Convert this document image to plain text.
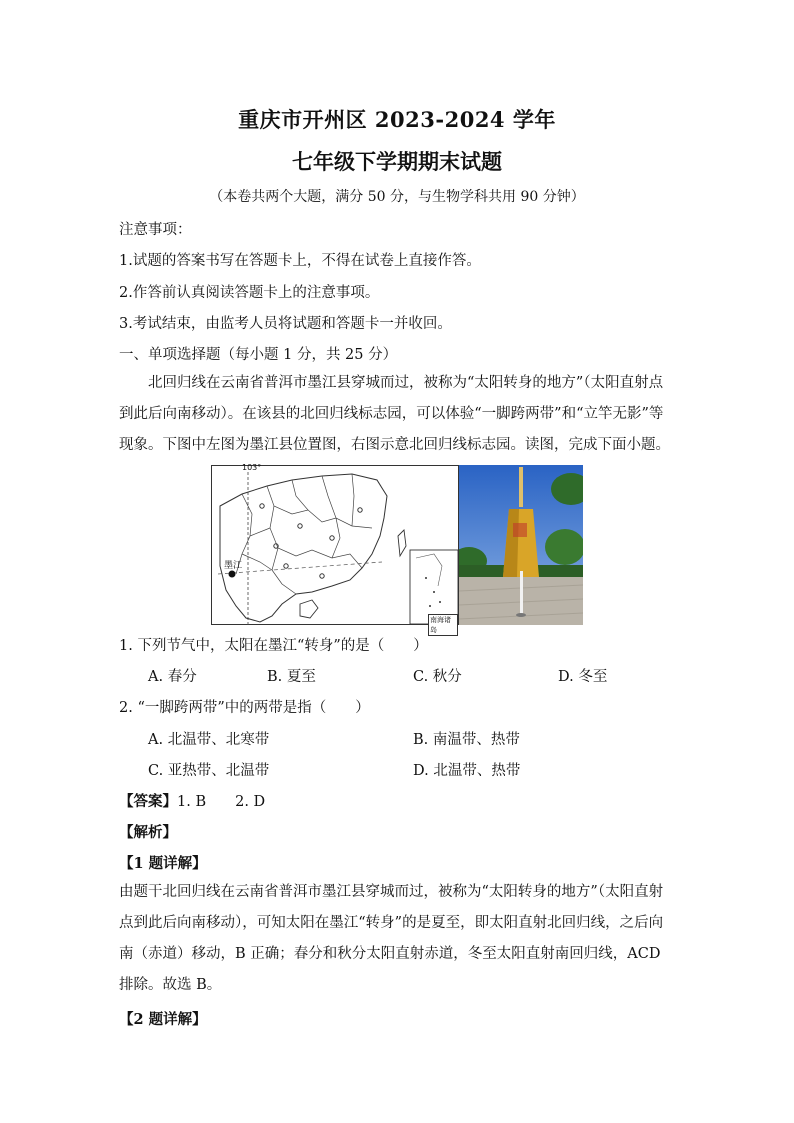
重庆市开州区 2023-2024 学年
七年级下学期期末试题
（本卷共两个大题，满分 50 分，与生物学科共用 90 分钟）
注意事项：
1.试题的答案书写在答题卡上，不得在试卷上直接作答。
2.作答前认真阅读答题卡上的注意事项。
3.考试结束，由监考人员将试题和答题卡一并收回。
一、单项选择题（每小题 1 分，共 25 分）
北回归线在云南省普洱市墨江县穿城而过，被称为“太阳转身的地方”（太阳直射点到此后向南移动）。在该县的北回归线标志园，可以体验“一脚跨两带”和“立竿无影”等现象。下图中左图为墨江县位置图，右图示意北回归线标志园。读图，完成下面小题。
103°
墨江
南海诸岛
1. 下列节气中，太阳在墨江“转身”的是（　　）
A. 春分	B. 夏至	C. 秋分	D. 冬至
2. “一脚跨两带”中的两带是指（　　）
A. 北温带、北寒带	B. 南温带、热带
C. 亚热带、北温带	D. 北温带、热带
【答案】1. B　　2. D
【解析】
【1 题详解】
由题干北回归线在云南省普洱市墨江县穿城而过，被称为“太阳转身的地方”（太阳直射点到此后向南移动），可知太阳在墨江“转身”的是夏至，即太阳直射北回归线，之后向南（赤道）移动，B 正确；春分和秋分太阳直射赤道，冬至太阳直射南回归线，ACD 排除。故选 B。
【2 题详解】
